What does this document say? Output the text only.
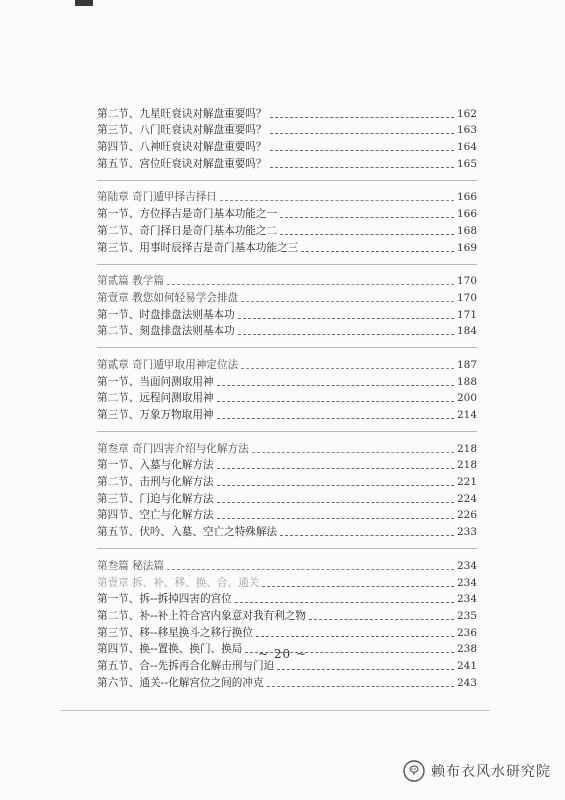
第二节、九星旺衰诀对解盘重要吗？	162
第三节、八门旺衰诀对解盘重要吗？	163
第四节、八神旺衰诀对解盘重要吗？	164
第五节、宫位旺衰诀对解盘重要吗？	165
第陆章 奇门遁甲择吉择日	166
第一节、方位择吉是奇门基本功能之一	166
第二节、奇门择日是奇门基本功能之二	168
第三节、用事时辰择吉是奇门基本功能之三	169
第贰篇 教学篇	170
第壹章 教您如何轻易学会排盘	170
第一节、时盘排盘法则基本功	171
第二节、刻盘排盘法则基本功	184
第贰章 奇门遁甲取用神定位法	187
第一节、当面问测取用神	188
第二节、远程问测取用神	200
第三节、万象万物取用神	214
第叁章 奇门四害介绍与化解方法	218
第一节、入墓与化解方法	218
第二节、击刑与化解方法	221
第三节、门迫与化解方法	224
第四节、空亡与化解方法	226
第五节、伏吟、入墓、空亡之特殊解法	233
第叁篇 秘法篇	234
第壹章 拆、补、移、换、合、通关	234
第一节、拆--拆掉四害的宫位	234
第二节、补--补上符合宫内象意对我有利之物	235
第三节、移--移星换斗之移行换位	236
第四节、换--置换、换门、换局	238
第五节、合--先拆再合化解击刑与门迫	241
第六节、通关--化解宫位之间的冲克	243
~ 20 ~
赖布衣风水研究院
